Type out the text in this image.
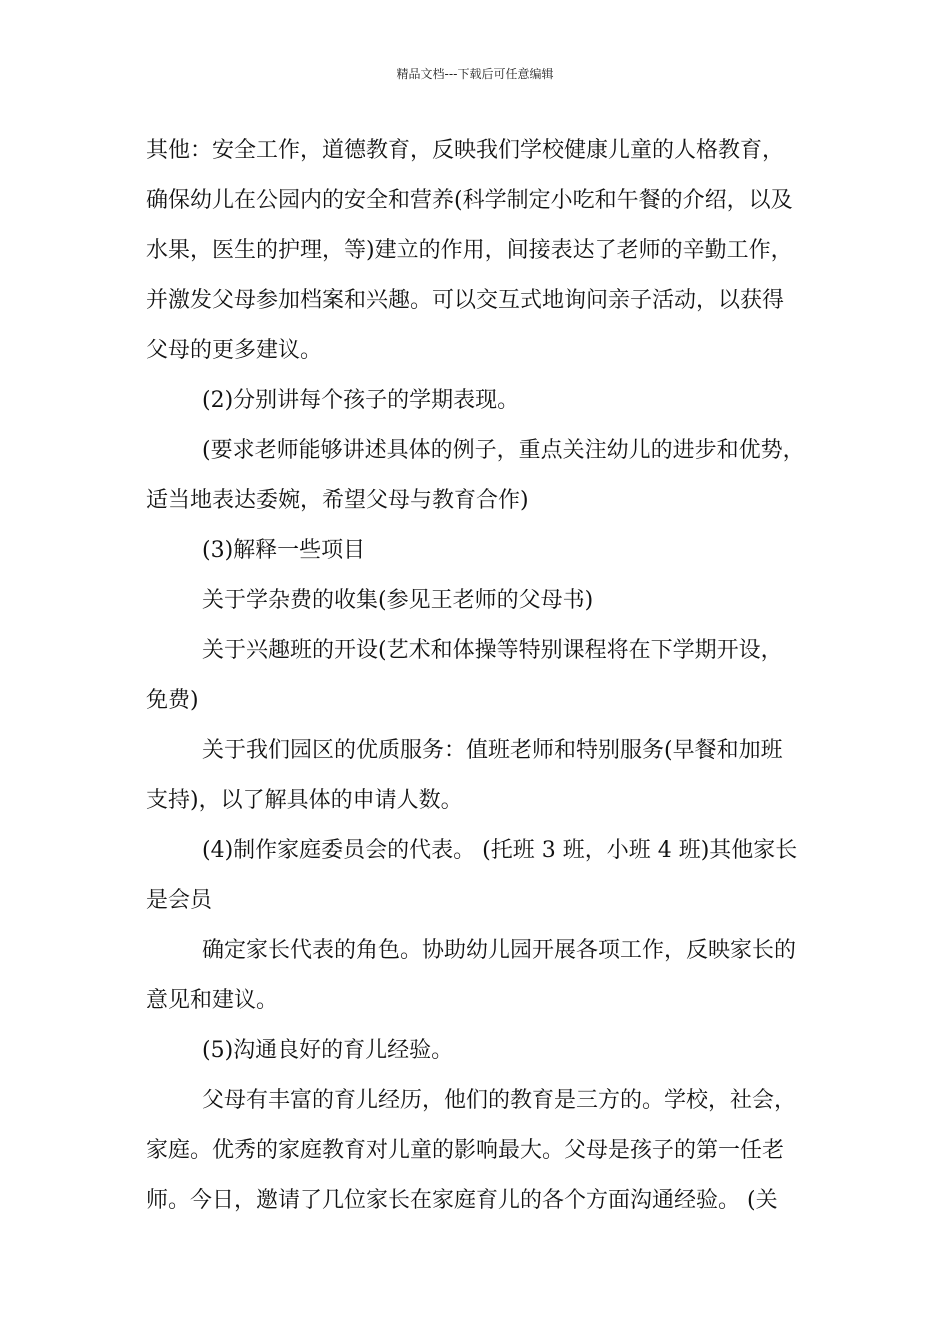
精品文档---下载后可任意编辑
其他：安全工作，道德教育，反映我们学校健康儿童的人格教育，
确保幼儿在公园内的安全和营养(科学制定小吃和午餐的介绍，以及
水果，医生的护理，等)建立的作用，间接表达了老师的辛勤工作，
并激发父母参加档案和兴趣。可以交互式地询问亲子活动，以获得
父母的更多建议。
(2)分别讲每个孩子的学期表现。
(要求老师能够讲述具体的例子，重点关注幼儿的进步和优势，
适当地表达委婉，希望父母与教育合作)
(3)解释一些项目
关于学杂费的收集(参见王老师的父母书)
关于兴趣班的开设(艺术和体操等特别课程将在下学期开设，
免费)
关于我们园区的优质服务：值班老师和特别服务(早餐和加班
支持)，以了解具体的申请人数。
(4)制作家庭委员会的代表。 (托班 3 班，小班 4 班)其他家长
是会员
确定家长代表的角色。协助幼儿园开展各项工作，反映家长的
意见和建议。
(5)沟通良好的育儿经验。
父母有丰富的育儿经历，他们的教育是三方的。学校，社会，
家庭。优秀的家庭教育对儿童的影响最大。父母是孩子的第一任老
师。今日，邀请了几位家长在家庭育儿的各个方面沟通经验。 (关
